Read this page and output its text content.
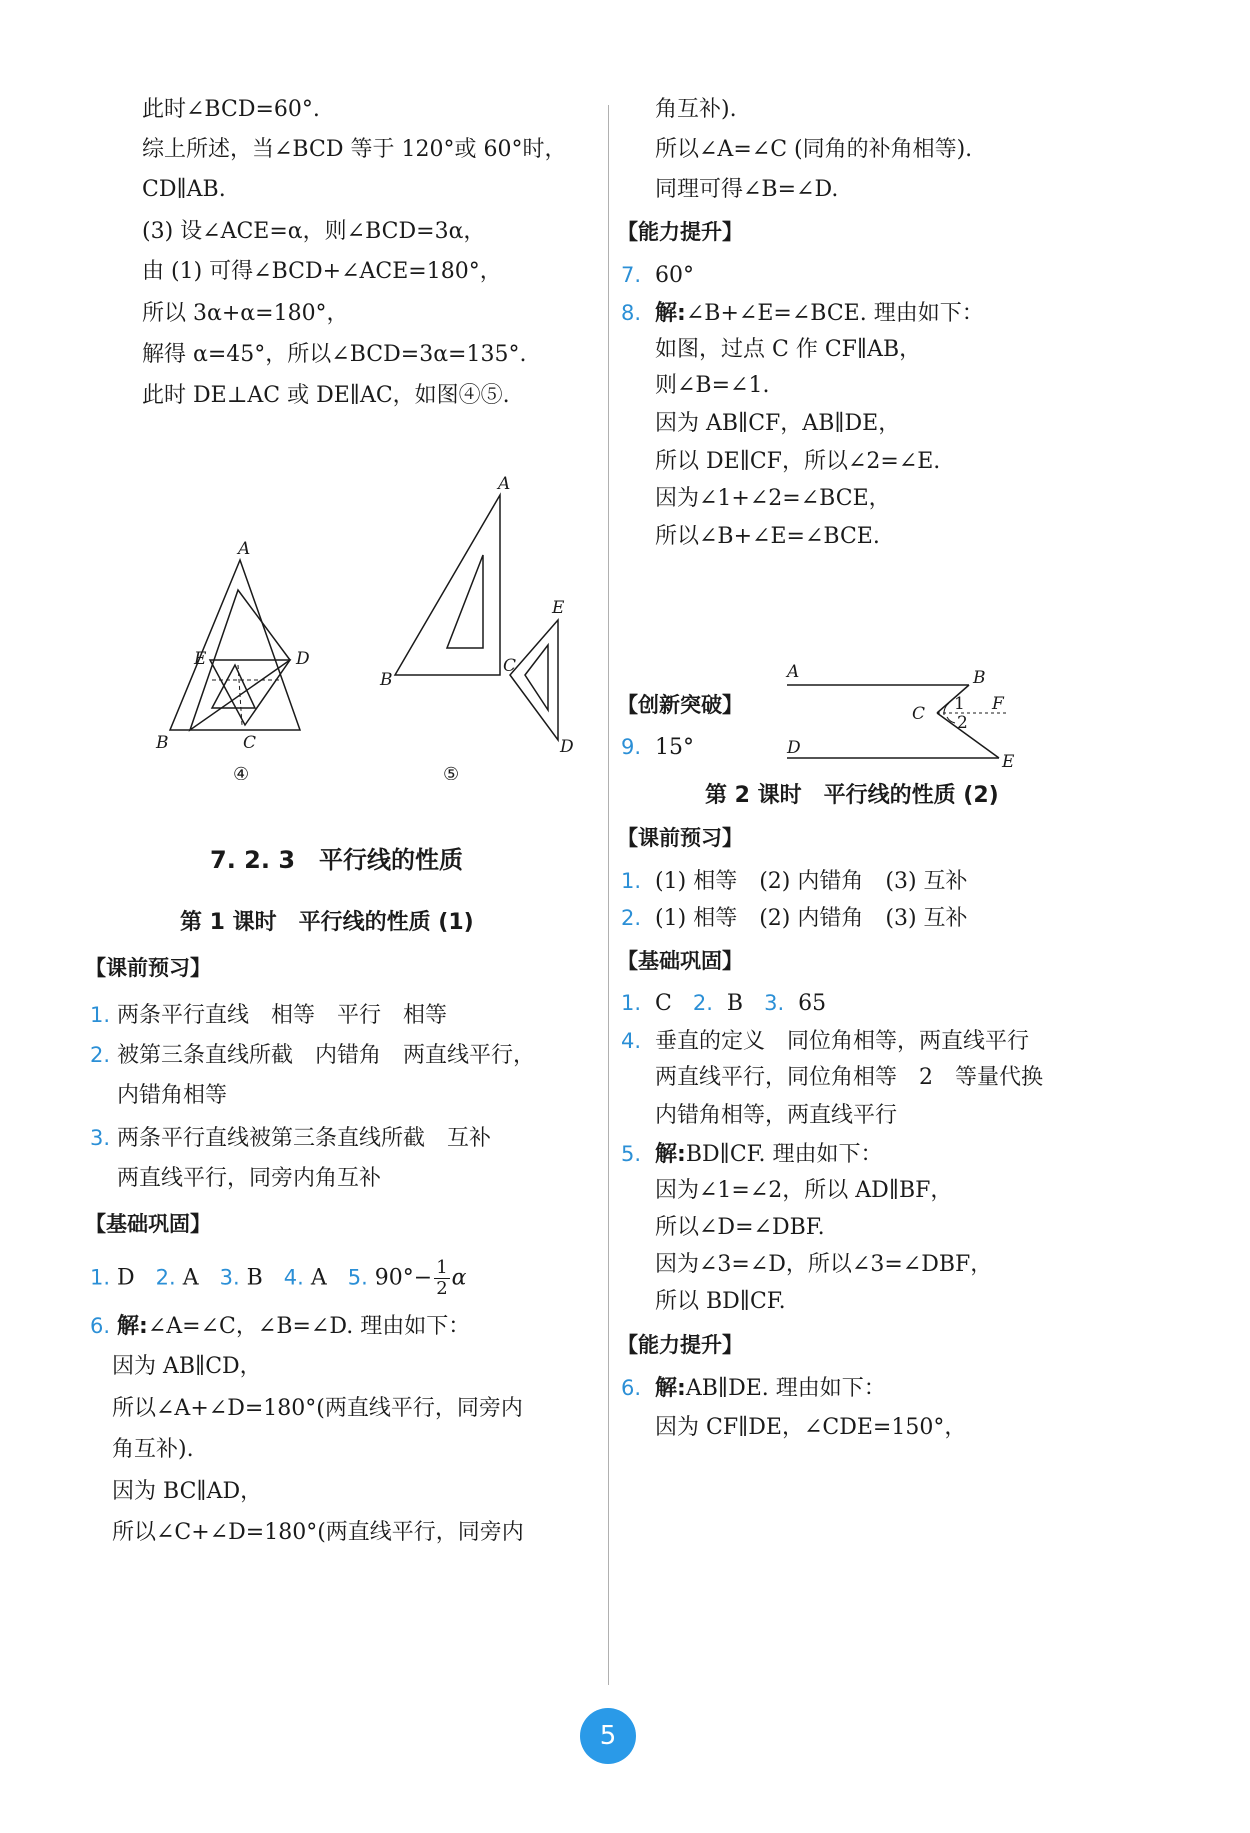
此时∠BCD=60°.
综上所述，当∠BCD 等于 120°或 60°时，
CD∥AB.
(3) 设∠ACE=α，则∠BCD=3α，
由 (1) 可得∠BCD+∠ACE=180°，
所以 3α+α=180°，
解得 α=45°，所以∠BCD=3α=135°.
此时 DE⊥AC 或 DE∥AC，如图④⑤.
A
E	D
B	C
④
A
B
C
E
D
⑤
7. 2. 3　平行线的性质
第 1 课时　平行线的性质 (1)
【课前预习】
1. 两条平行直线　相等　平行　相等
2. 被第三条直线所截　内错角　两直线平行，
内错角相等
3. 两条平行直线被第三条直线所截　互补
两直线平行，同旁内角互补
【基础巩固】
1. D 2. A 3. B 4. A 5. $90^\circ- \frac{1}{2}$ α
6. 解:∠A=∠C，∠B=∠D. 理由如下：
因为 AB∥CD，
所以∠A+∠D=180°(两直线平行，同旁内
角互补).
因为 BC∥AD，
所以∠C+∠D=180°(两直线平行，同旁内
角互补).
所以∠A=∠C (同角的补角相等).
同理可得∠B=∠D.
【能力提升】
7. 60°
8. 解:∠B+∠E=∠BCE. 理由如下：
如图，过点 C 作 CF∥AB，
则∠B=∠1.
因为 AB∥CF，AB∥DE，
所以 DE∥CF，所以∠2=∠E.
因为∠1+∠2=∠BCE，
所以∠B+∠E=∠BCE.
A	B
C	F
1
2
D
E
【创新突破】
9. 15°
第 2 课时　平行线的性质 (2)
【课前预习】
1. (1) 相等　(2) 内错角　(3) 互补
2. (1) 相等　(2) 内错角　(3) 互补
【基础巩固】
1. C 2. B 3. 65
4. 垂直的定义　同位角相等，两直线平行
两直线平行，同位角相等　2　等量代换
内错角相等，两直线平行
5. 解:BD∥CF. 理由如下：
因为∠1=∠2，所以 AD∥BF，
所以∠D=∠DBF.
因为∠3=∠D，所以∠3=∠DBF，
所以 BD∥CF.
【能力提升】
6. 解:AB∥DE. 理由如下：
因为 CF∥DE，∠CDE=150°，
5
